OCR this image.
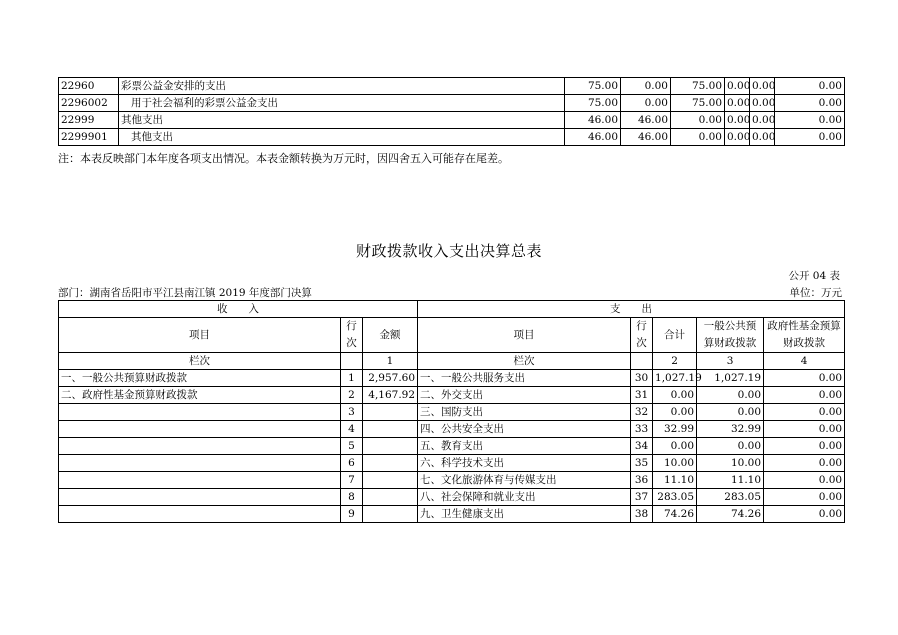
22960	彩票公益金安排的支出	75.00	0.00	75.00	0.00	0.00	0.00
2296002	用于社会福利的彩票公益金支出	75.00	0.00	75.00	0.00	0.00	0.00
22999	其他支出	46.00	46.00	0.00	0.00	0.00	0.00
2299901	其他支出	46.00	46.00	0.00	0.00	0.00	0.00
注：本表反映部门本年度各项支出情况。本表金额转换为万元时，因四舍五入可能存在尾差。
财政拨款收入支出决算总表
公开 04 表
部门：湖南省岳阳市平江县南江镇 2019 年度部门决算	单位：万元
收　　入			支　　出				
项目	行次	金额	项目	行次	合计	一般公共预算财政拨款	政府性基金预算财政拨款
栏次		1	栏次		2	3	4
一、一般公共预算财政拨款	1	2,957.60	一、一般公共服务支出	30	1,027.19	1,027.19	0.00
二、政府性基金预算财政拨款	2	4,167.92	二、外交支出	31	0.00	0.00	0.00
	3		三、国防支出	32	0.00	0.00	0.00
	4		四、公共安全支出	33	32.99	32.99	0.00
	5		五、教育支出	34	0.00	0.00	0.00
	6		六、科学技术支出	35	10.00	10.00	0.00
	7		七、文化旅游体育与传媒支出	36	11.10	11.10	0.00
	8		八、社会保障和就业支出	37	283.05	283.05	0.00
	9		九、卫生健康支出	38	74.26	74.26	0.00
